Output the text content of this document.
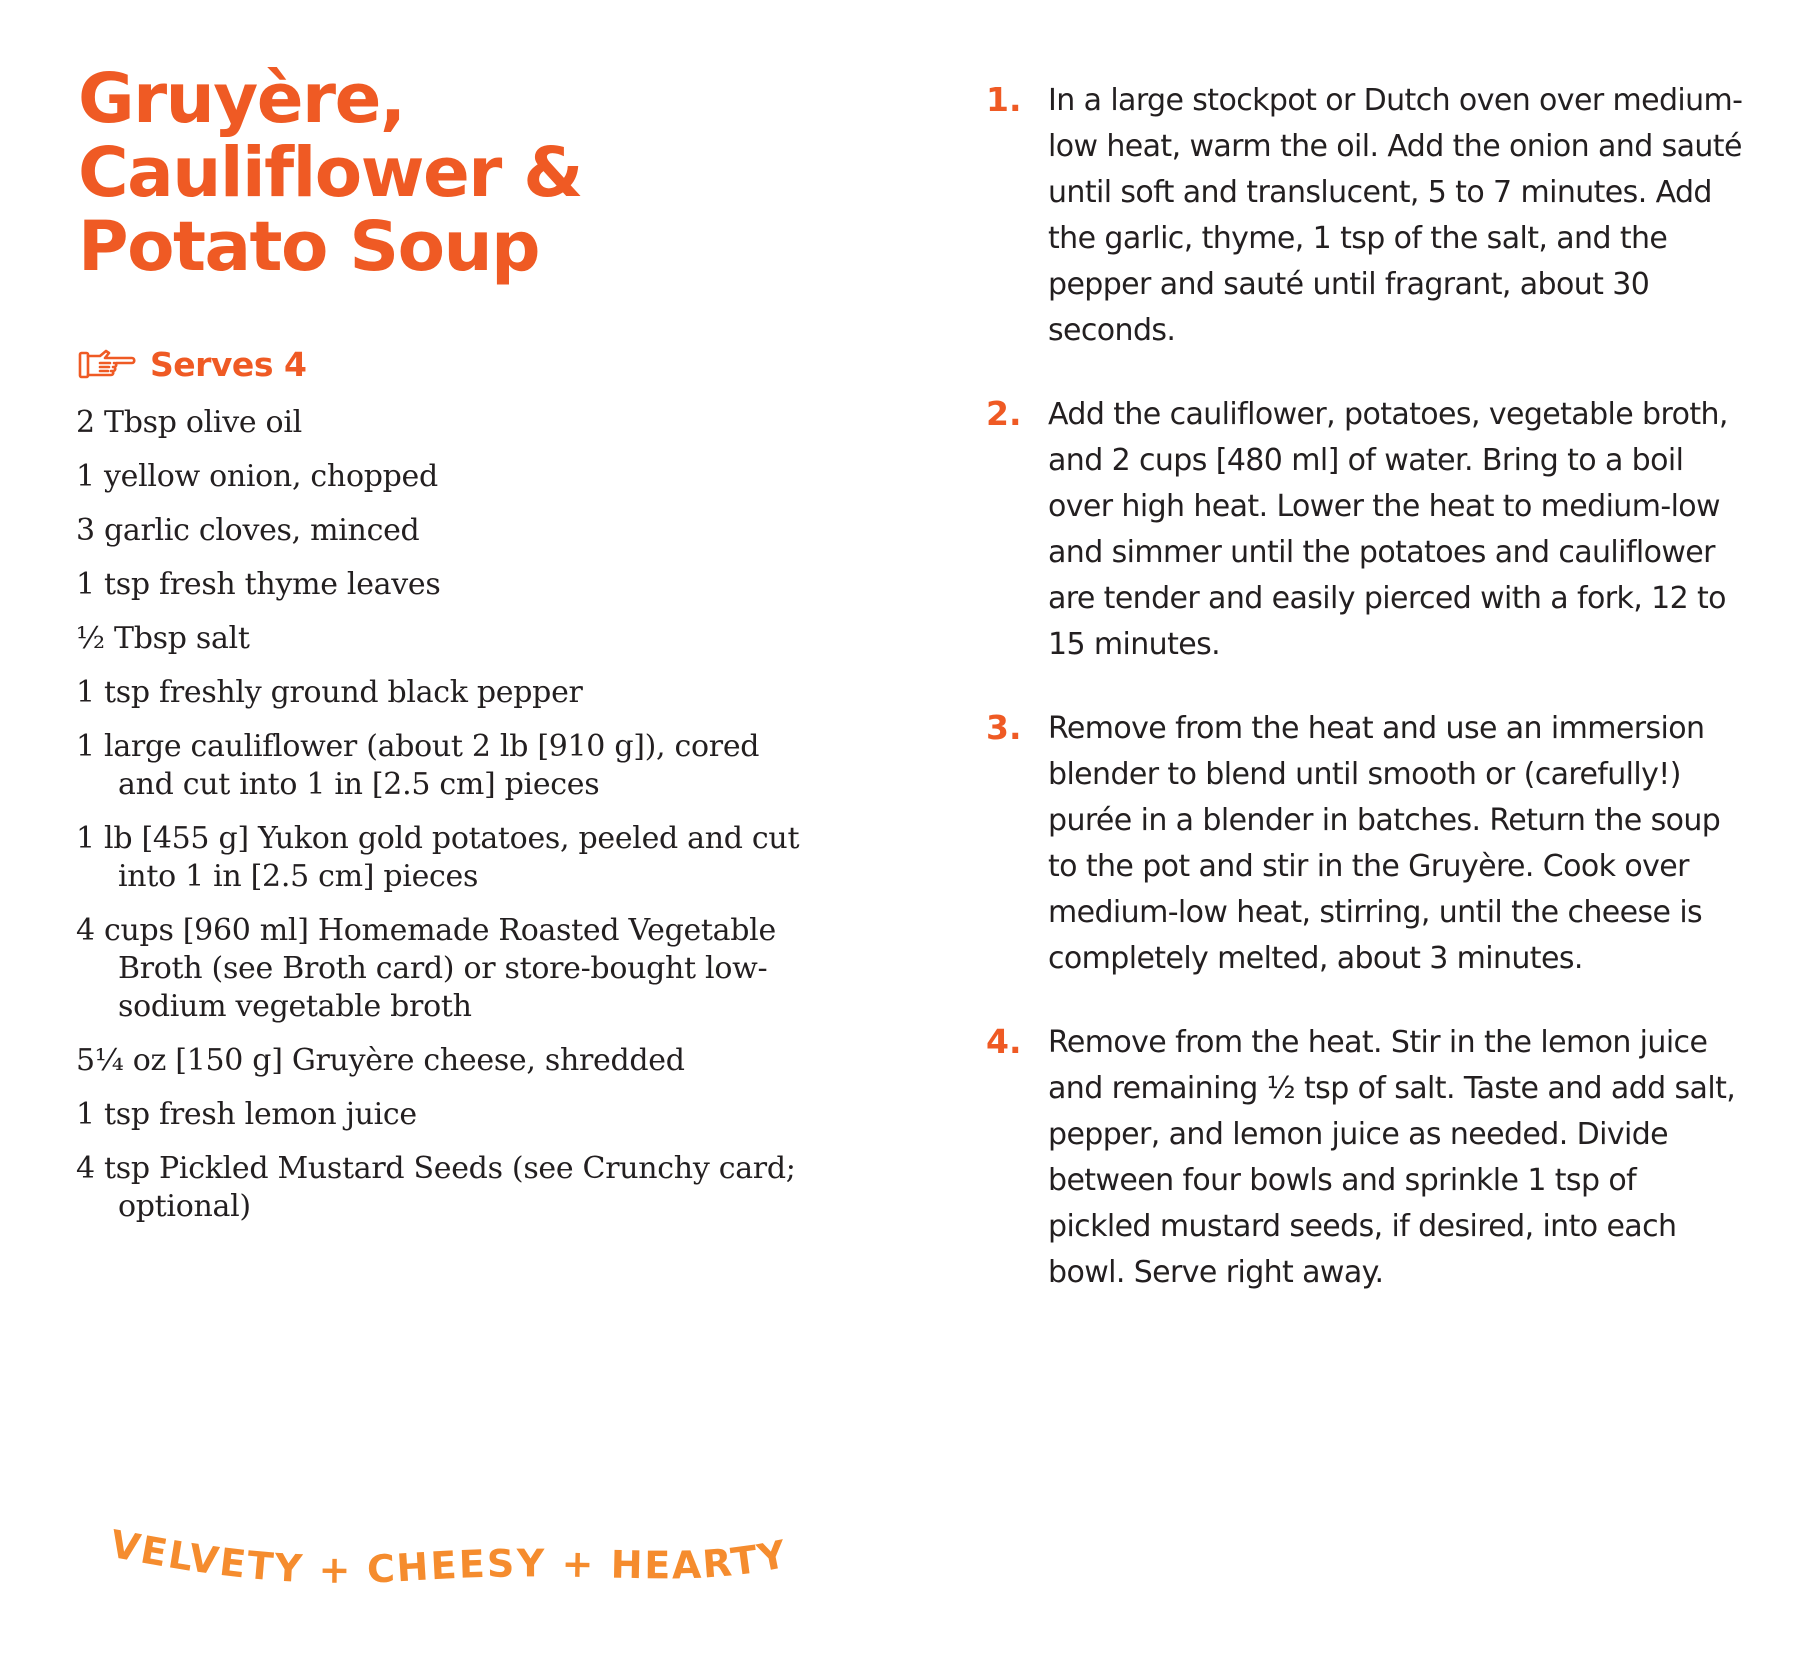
Gruyère,
Cauliflower &
Potato Soup
Serves 4
2 Tbsp olive oil
1 yellow onion, chopped
3 garlic cloves, minced
1 tsp fresh thyme leaves
½ Tbsp salt
1 tsp freshly ground black pepper
1 large cauliflower (about 2 lb [910 g]), cored and cut into 1 in [2.5 cm] pieces
1 lb [455 g] Yukon gold potatoes, peeled and cut into 1 in [2.5 cm] pieces
4 cups [960 ml] Homemade Roasted Vegetable Broth (see Broth card) or store-bought low-sodium vegetable broth
5¼ oz [150 g] Gruyère cheese, shredded
1 tsp fresh lemon juice
4 tsp Pickled Mustard Seeds (see Crunchy card; optional)
1. In a large stockpot or Dutch oven over medium-low heat, warm the oil. Add the onion and sauté until soft and translucent, 5 to 7 minutes. Add the garlic, thyme, 1 tsp of the salt, and the pepper and sauté until fragrant, about 30 seconds.
2. Add the cauliflower, potatoes, vegetable broth, and 2 cups [480 ml] of water. Bring to a boil over high heat. Lower the heat to medium-low and simmer until the potatoes and cauliflower are tender and easily pierced with a fork, 12 to 15 minutes.
3. Remove from the heat and use an immersion blender to blend until smooth or (carefully!) purée in a blender in batches. Return the soup to the pot and stir in the Gruyère. Cook over medium-low heat, stirring, until the cheese is completely melted, about 3 minutes.
4. Remove from the heat. Stir in the lemon juice and remaining ½ tsp of salt. Taste and add salt, pepper, and lemon juice as needed. Divide between four bowls and sprinkle 1 tsp of pickled mustard seeds, if desired, into each bowl. Serve right away.
VELVETY + CHEESY + HEARTY
